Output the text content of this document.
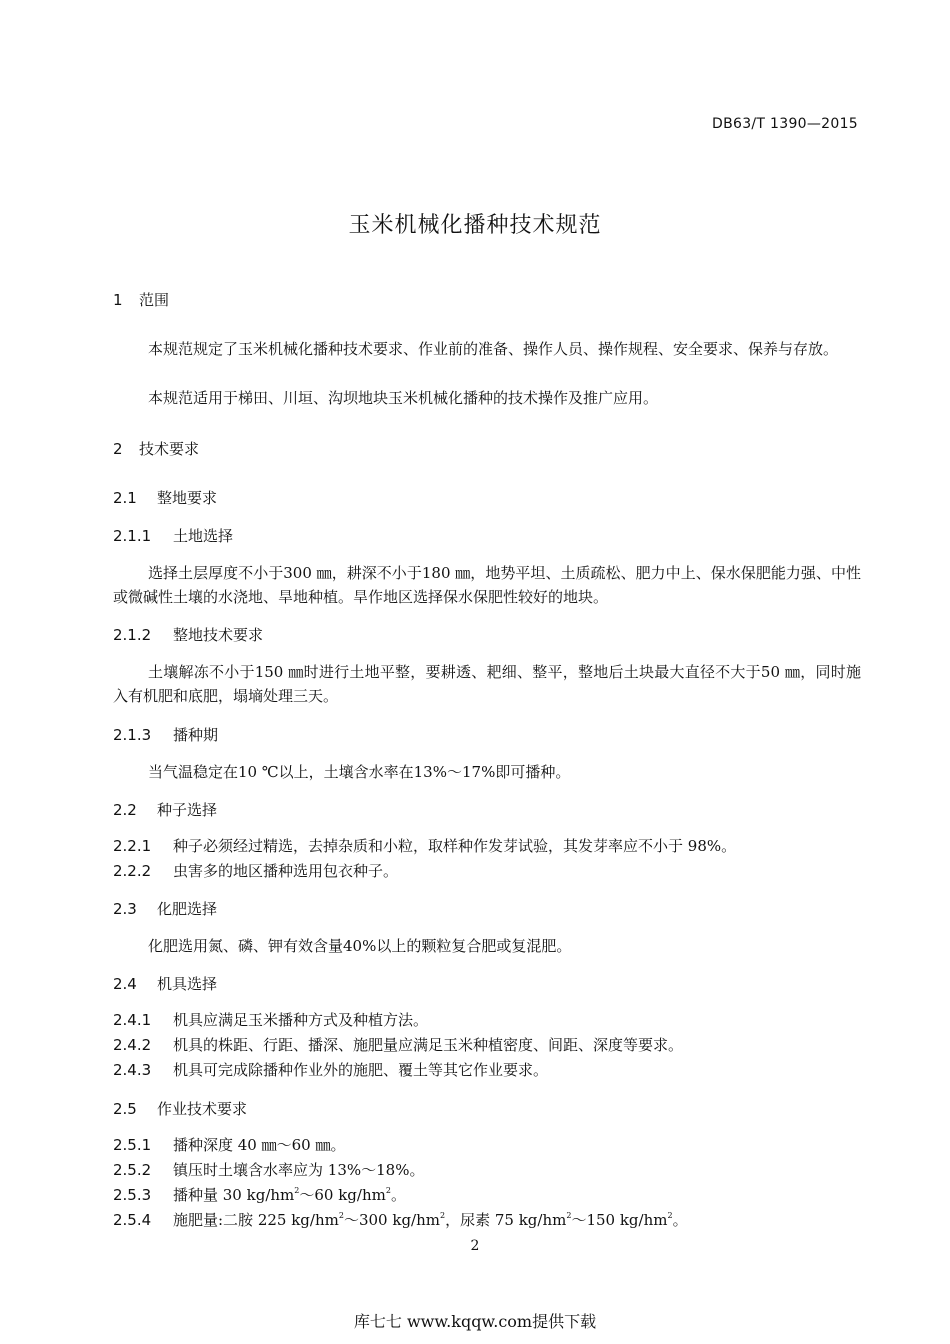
DB63/T 1390—2015
玉米机械化播种技术规范
1 范围
本规范规定了玉米机械化播种技术要求、作业前的准备、操作人员、操作规程、安全要求、保养与存放。
本规范适用于梯田、川垣、沟坝地块玉米机械化播种的技术操作及推广应用。
2 技术要求
2.1 整地要求
2.1.1 土地选择
选择土层厚度不小于300 ㎜，耕深不小于180 ㎜，地势平坦、土质疏松、肥力中上、保水保肥能力强、中性或微碱性土壤的水浇地、旱地种植。旱作地区选择保水保肥性较好的地块。
2.1.2 整地技术要求
土壤解冻不小于150 ㎜时进行土地平整，要耕透、耙细、整平，整地后土块最大直径不大于50 ㎜，同时施入有机肥和底肥，塌墒处理三天。
2.1.3 播种期
当气温稳定在10 ℃以上，土壤含水率在13%～17%即可播种。
2.2 种子选择
2.2.1 种子必须经过精选，去掉杂质和小粒，取样种作发芽试验，其发芽率应不小于 98%。
2.2.2 虫害多的地区播种选用包衣种子。
2.3 化肥选择
化肥选用氮、磷、钾有效含量40%以上的颗粒复合肥或复混肥。
2.4 机具选择
2.4.1 机具应满足玉米播种方式及种植方法。
2.4.2 机具的株距、行距、播深、施肥量应满足玉米种植密度、间距、深度等要求。
2.4.3 机具可完成除播种作业外的施肥、覆土等其它作业要求。
2.5 作业技术要求
2.5.1 播种深度 40 ㎜～60 ㎜。
2.5.2 镇压时土壤含水率应为 13%～18%。
2.5.3 播种量 30 $kg/hm^2\sim 60$ $kg/hm^2$。
2.5.4 施肥量:二胺 225 $kg/hm^2\sim 300$ $kg/hm^2$，尿素 75 $kg/hm^2\sim 150$ $kg/hm^2$。
2
库七七 www.kqqw.com提供下载
